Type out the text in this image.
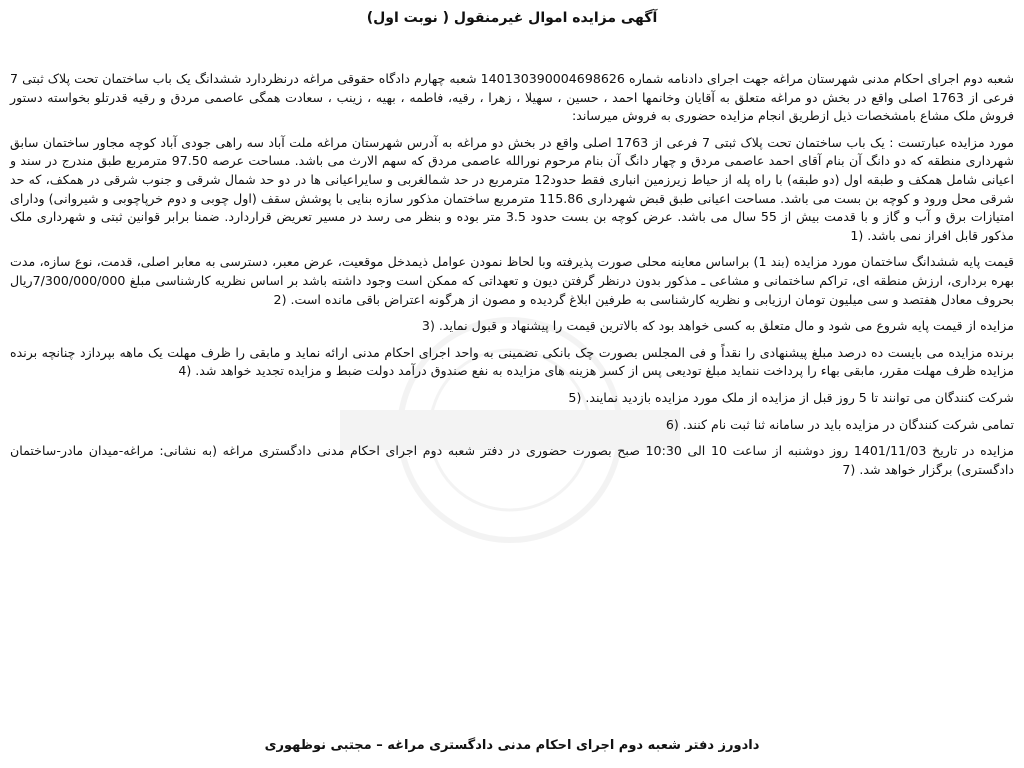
آگهی مزایده اموال غیرمنقول ( نوبت اول)

شعبه دوم اجرای احکام مدنی شهرستان مراغه جهت اجرای دادنامه شماره 140130390004698626 شعبه چهارم دادگاه حقوقی مراغه درنظردارد ششدانگ یک باب ساختمان تحت پلاک ثبتی 7 فرعی از 1763 اصلی واقع در بخش دو مراغه متعلق به آقایان وخانمها احمد ، حسین ، سهیلا ، زهرا ، رقیه، فاطمه ، بهیه ، زینب ، سعادت همگی عاصمی مردق و رقیه قدرتلو بخواسته دستور فروش ملک مشاع بامشخصات ذیل ازطریق انجام مزایده حضوری به فروش میرساند:

مورد مزایده عبارتست : یک باب ساختمان تحت پلاک ثبتی 7 فرعی از 1763 اصلی واقع در بخش دو مراغه به آدرس شهرستان مراغه ملت آباد سه راهی جودی آباد کوچه مجاور ساختمان سابق شهرداری منطقه که دو دانگ آن بنام آقای احمد عاصمی مردق و چهار دانگ آن بنام مرحوم نورالله عاصمی مردق که سهم الارث می باشد. مساحت عرصه 97.50 مترمربع طبق مندرج در سند و اعیانی شامل همکف و طبقه اول (دو طبقه) با راه پله از حیاط زیرزمین انباری فقط حدود12 مترمربع در حد شمالغربی و سایراعیانی ها در دو حد شمال شرقی و جنوب شرقی در همکف، که حد شرقی محل ورود و کوچه بن بست می باشد. مساحت اعیانی طبق قبض شهرداری 115.86 مترمربع ساختمان مذکور سازه بنایی با پوشش سقف (اول چوبی و دوم خرپاچوبی و شیروانی) ودارای امتیازات برق و آب و گاز و با قدمت بیش از 55 سال می باشد. عرض کوچه بن بست حدود 3.5 متر بوده و بنظر می رسد در مسیر تعریض قراردارد. ضمنا برابر قوانین ثبتی و شهرداری ملک مذکور قابل افراز نمی باشد. (1

قیمت پایه ششدانگ ساختمان مورد مزایده (بند 1) براساس معاینه محلی صورت پذیرفته وبا لحاظ نمودن عوامل ذیمدخل موقعیت، عرض معبر، دسترسی به معابر اصلی، قدمت، نوع سازه، مدت بهره برداری، ارزش منطقه ای، تراکم ساختمانی و مشاعی ـ مذکور بدون درنظر گرفتن دیون و تعهداتی که ممکن است وجود داشته باشد بر اساس نظریه کارشناسی مبلغ 7/300/000/000ریال بحروف معادل هفتصد و سی میلیون تومان ارزیابی و نظریه کارشناسی به طرفین ابلاغ گردیده و مصون از هرگونه اعتراض باقی مانده است. (2

مزایده از قیمت پایه شروع می شود و مال متعلق به کسی خواهد بود که بالاترین قیمت را پیشنهاد و قبول نماید. (3

برنده مزایده می بایست ده درصد مبلغ پیشنهادی را نقداً و فی المجلس بصورت چک بانکی تضمینی به واحد اجرای احکام مدنی ارائه نماید و مابقی را ظرف مهلت یک ماهه بپردازد چنانچه برنده مزایده ظرف مهلت مقرر، مابقی بهاء را پرداخت ننماید مبلغ تودیعی پس از کسر هزینه های مزایده به نفع صندوق درآمد دولت ضبط و مزایده تجدید خواهد شد. (4

شرکت کنندگان می توانند تا 5 روز قبل از مزایده از ملک مورد مزایده بازدید نمایند. (5

تمامی شرکت کنندگان در مزایده باید در سامانه ثنا ثبت نام کنند. (6

مزایده در تاریخ 1401/11/03 روز دوشنبه از ساعت 10 الی 10:30 صبح بصورت حضوری در دفتر شعبه دوم اجرای احکام مدنی دادگستری مراغه (به نشانی: مراغه-میدان مادر-ساختمان دادگستری) برگزار خواهد شد. (7

دادورز دفتر شعبه دوم اجرای احکام مدنی دادگستری مراغه – مجتبی نوظهوری
